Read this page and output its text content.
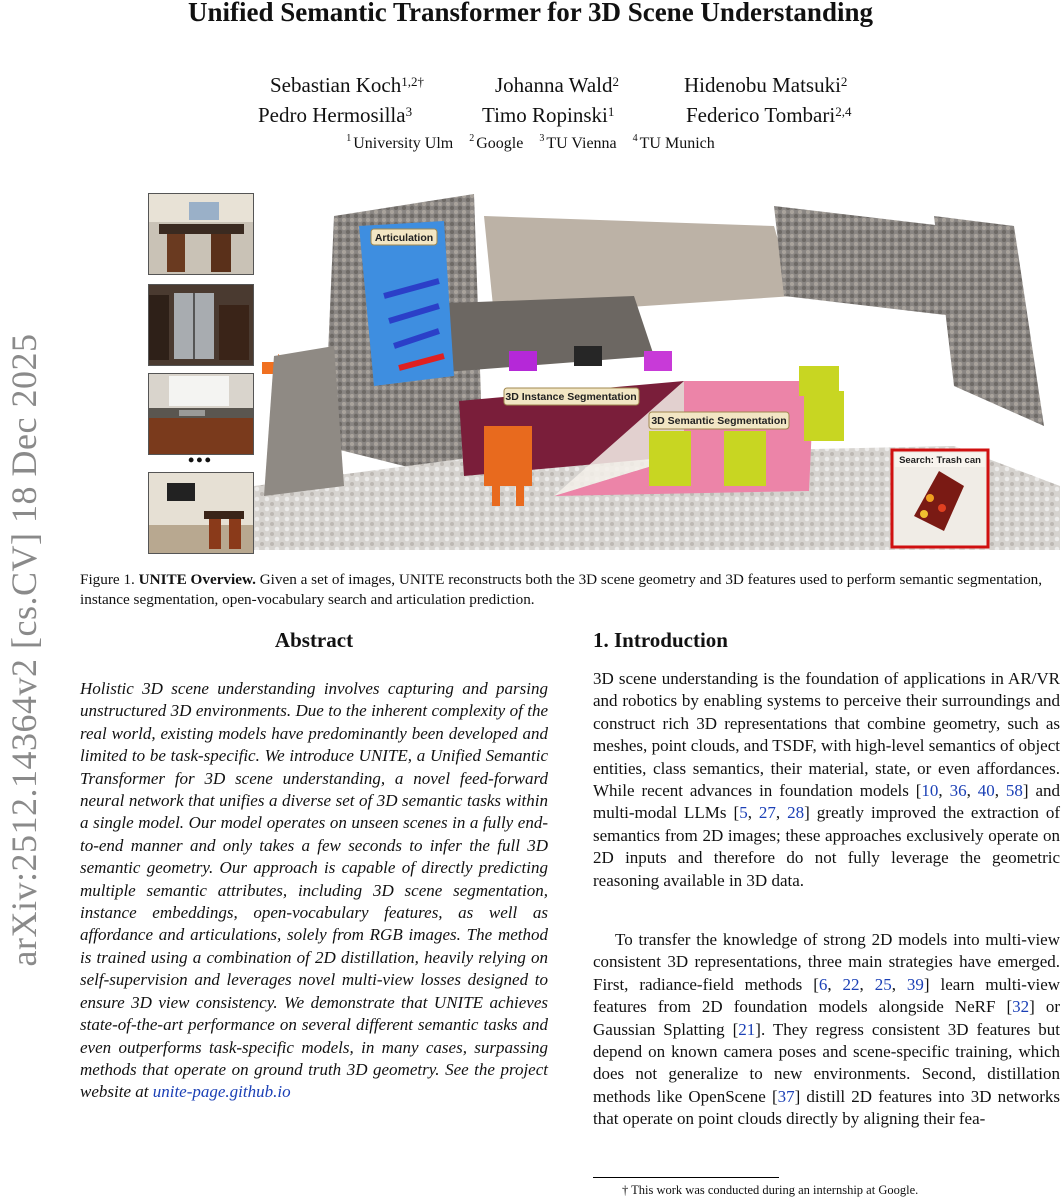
Unified Semantic Transformer for 3D Scene Understanding
Sebastian Koch$^{1,2\dagger}$	Johanna Wald$^2$	Hidenobu Matsuki$^2$
Pedro Hermosilla$^3$	Timo Ropinski$^1$	Federico Tombari$^{2,4}$
$^1$ University Ulm $^2$ Google $^3$ TU Vienna $^4$ TU Munich
arXiv:2512.14364v2 [cs.CV] 18 Dec 2025	•••
Articulation
3D Instance Segmentation
3D Semantic Segmentation
Search: Trash can

Figure 1. UNITE Overview. Given a set of images, UNITE reconstructs both the 3D scene geometry and 3D features used to perform semantic segmentation, instance segmentation, open-vocabulary search and articulation prediction.

Abstract

Holistic 3D scene understanding involves capturing and parsing unstructured 3D environments. Due to the inherent complexity of the real world, existing models have predominantly been developed and limited to be task-specific. We introduce UNITE, a Unified Semantic Transformer for 3D scene understanding, a novel feed-forward neural network that unifies a diverse set of 3D semantic tasks within a single model. Our model operates on unseen scenes in a fully end-to-end manner and only takes a few seconds to infer the full 3D semantic geometry. Our approach is capable of directly predicting multiple semantic attributes, including 3D scene segmentation, instance embeddings, open-vocabulary features, as well as affordance and articulations, solely from RGB images. The method is trained using a combination of 2D distillation, heavily relying on self-supervision and leverages novel multi-view losses designed to ensure 3D view consistency. We demonstrate that UNITE achieves state-of-the-art performance on several different semantic tasks and even outperforms task-specific models, in many cases, surpassing methods that operate on ground truth 3D geometry. See the project website at unite-page.github.io

1. Introduction

3D scene understanding is the foundation of applications in AR/VR and robotics by enabling systems to perceive their surroundings and construct rich 3D representations that combine geometry, such as meshes, point clouds, and TSDF, with high-level semantics of object entities, class semantics, their material, state, or even affordances. While recent advances in foundation models [10, 36, 40, 58] and multi-modal LLMs [5, 27, 28] greatly improved the extraction of semantics from 2D images; these approaches exclusively operate on 2D inputs and therefore do not fully leverage the geometric reasoning available in 3D data.

To transfer the knowledge of strong 2D models into multi-view consistent 3D representations, three main strategies have emerged. First, radiance-field methods [6, 22, 25, 39] learn multi-view features from 2D foundation models alongside NeRF [32] or Gaussian Splatting [21]. They regress consistent 3D features but depend on known camera poses and scene-specific training, which does not generalize to new environments. Second, distillation methods like OpenScene [37] distill 2D features into 3D networks that operate on point clouds directly by aligning their fea-

† This work was conducted during an internship at Google.
